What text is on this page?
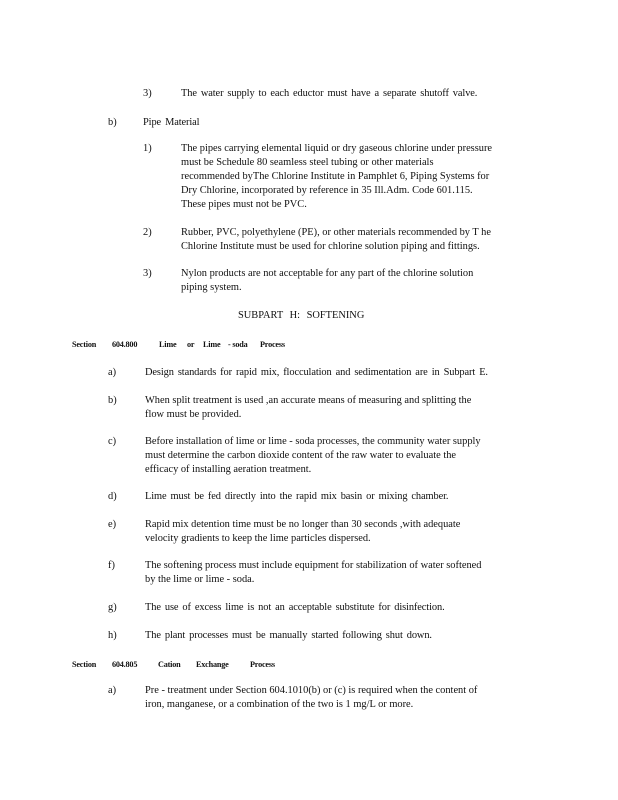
3)	The water supply to each eductor must have a separate shutoff valve.
b)	Pipe Material
1)	The pipes carrying elemental liquid or dry gaseous chlorine under pressure
must be Schedule 80 seamless steel tubing or other materials
recommended byThe Chlorine Institute in Pamphlet 6, Piping Systems for
Dry Chlorine, incorporated by reference in 35 Ill.Adm. Code 601.115.
These pipes must not be PVC.
2)	Rubber, PVC, polyethylene (PE), or other materials recommended by T he
Chlorine Institute must be used for chlorine solution piping and fittings.
3)	Nylon products are not acceptable for any part of the chlorine solution
piping system.
SUBPART H: SOFTENING
Section 604.800	Lime or Lime - soda Process
a)	Design standards for rapid mix, flocculation and sedimentation are in Subpart E.
b)	When split treatment is used ,an accurate means of measuring and splitting the
flow must be provided.
c)	Before installation of lime or lime - soda processes, the community water supply
must determine the carbon dioxide content of the raw water to evaluate the
efficacy of installing aeration treatment.
d)	Lime must be fed directly into the rapid mix basin or mixing chamber.
e)	Rapid mix detention time must be no longer than 30 seconds ,with adequate
velocity gradients to keep the lime particles dispersed.
f)	The softening process must include equipment for stabilization of water softened
by the lime or lime - soda.
g)	The use of excess lime is not an acceptable substitute for disinfection.
h)	The plant processes must be manually started following shut down.
Section 604.805	Cation Exchange	Process
a)	Pre - treatment under Section 604.1010(b) or (c) is required when the content of
iron, manganese, or a combination of the two is 1 mg/L or more.
